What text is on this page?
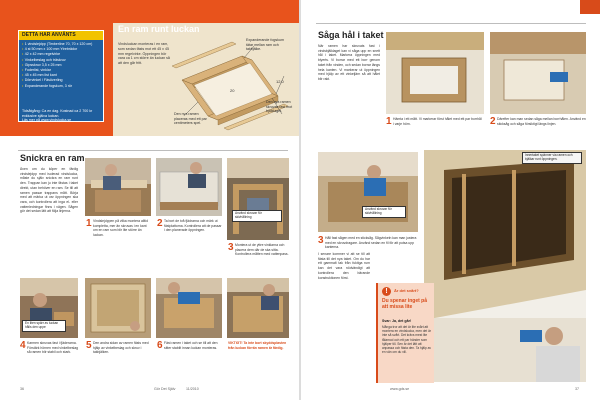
DETTA HAR ANVÄNTS
• 1 vindslejdpp (Timberline 70, 70 x 120 cm)
• 4 st 50 mm x 100 mm Ytrebrädor
• 42 x 42 mm regelvirke
• Vinkelbeslag och träskruv
• Gipsskruv 3,5 x 25 mm
• Foderlist, vinklar
• 45 x 45 mm list kant
• Dörrvinkel / Fäsöverling
• Expanderande fogskum, 3 rör
Tidsåtgång: Ca en dag. Kostnad ca 2 700 kr exklusive själva luckan.
Läs mer på www.vindslucka.se
En ram runt luckan
Vindsluckan monteras i en ram, som sedan fästs mot ett 45 x 45 mm regelvirke. Öppningen bör vara ca 1 cm större än luckan så att den går fritt.
12,0
20
Expanderande fogskum tätar mellan ram och takbjälke.
Den nya ramen skruvas fast mot bjälklaget.
Den nya ramen placeras med ett par centimeters spel.
Snickra en ram
Även om du köper en färdig vindslejdpp med isolerad vindslucka, måste du själv snickra en ram runt den. Trappan kan ju inte fästas i taket direkt, utan behöver en ram. Se till att ramen passar trappans mått. Börja med att märka ut var öppningen ska vara, och kontrollera att inga el- eller vattenledningar finns i vägen. Sågen gör det sedan lätt att följa linjerna.	Använd skruvar för skivhållning
1 Vindslejdppen på vilka montera alltid kompletta, mer än skruvas i en kant om en ram som blir lite större än luckan.
2 Ta bort de två fjädrarna och märk ut fästplattorna. Kontrollera att de passar i den planerade öppningen.
3 Montera ut de yttre vinklarna och placera dem där de ska sitta. Kontrollera måtten med vattenpass.
En liten spärr av luckan hålls den uppe
4 Karmen skruvas fast i fjäderarna. Förstärk hörnen med vinkelbeslag så ramen blir stabil och stark.
5 Den andra sidan av ramen fästs med hjälp av vinkelbeslag och skruv i takbjälken.
6 Fäst ramen i taket och se till att den sitter stabilt innan luckan monteras.
VIKTIGT! Ta inte bort skyddsplasten från luckan förrän ramen är färdig.
36	Gör Det Själv	11/2010
Såga hål i taket
När ramen har skruvats fast i vindsbjälklaget kan vi såga upp en snett hål i taket. Markera öppningen med blyerts. Vi borrar med ett borr genom taket från vinden, och sedan borrar längs hela kanten. Vi markerar ut öppningen med hjälp av ett vinkeljärn så att hålet blir rakt.
1 Hämta i ett mått. Vi markerar först hålet med ett par borrhål i varje hörn.	2 Därefter kan man sedan såga mellan borrhålen. Använd en sticksåg och såga försiktigt längs linjen.
Använd skruvar för skivhållning
3 Håll fast sågen med en sticksåg. Sågvinkeln kan man justera med en skruvdragare. Använd sedan en fil för att putsa upp kanterna.
Innertaket spänner via ramen och bjälkar runt öppningen.
!	Är det svårt?
Du spenar inget på att missa lite
Svar: Ja, det går!
Många tror att det är lite svårt att montera en vindslucka, men det är inte så svårt. Det krävs mest lite tålamod och ett par händer som hjälper till. Sen är det lätt att anpassa och fästa den. Ta hjälp av en vän om du vill.
I senare kommer vi att se till att fästa till det nya taket. Om du har ett gammalt tak från fuktiga rum kan det vara nödvändigt att kontrollera den bärande konstruktionen först.
www.gds.se	37
